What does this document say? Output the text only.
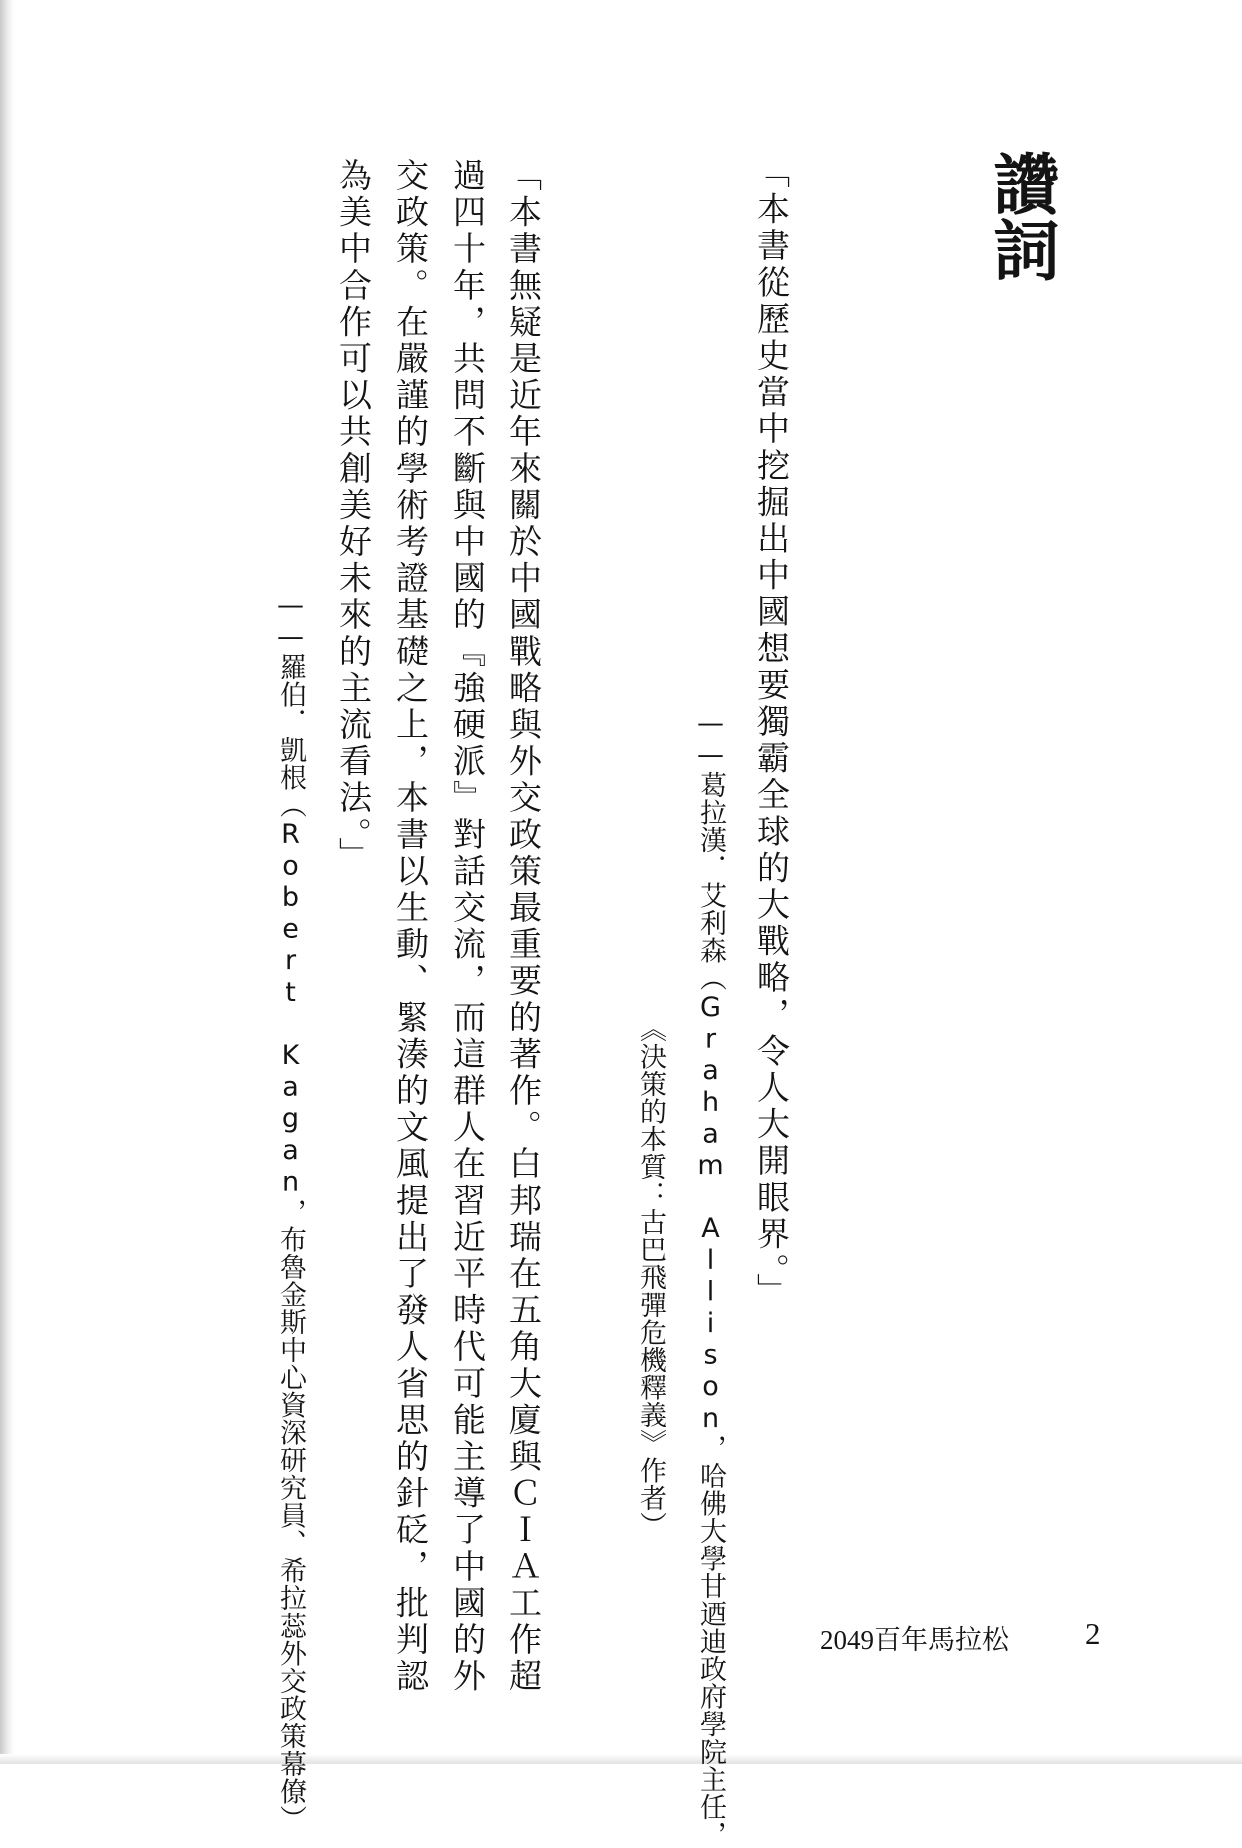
讚詞
「本書從歷史當中挖掘出中國想要獨霸全球的大戰略，令人大開眼界。」
——葛拉漢．艾利森（Graham Allison，哈佛大學甘迺迪政府學院主任，
《決策的本質：古巴飛彈危機釋義》作者）
「本書無疑是近年來關於中國戰略與外交政策最重要的著作。白邦瑞在五角大廈與ＣＩＡ工作超
過四十年，共問不斷與中國的『強硬派』對話交流，而這群人在習近平時代可能主導了中國的外
交政策。在嚴謹的學術考證基礎之上，本書以生動、緊湊的文風提出了發人省思的針砭，批判認
為美中合作可以共創美好未來的主流看法。」
——羅伯．凱根（Robert Kagan，布魯金斯中心資深研究員、希拉蕊外交政策幕僚）	2049百年馬拉松 2
